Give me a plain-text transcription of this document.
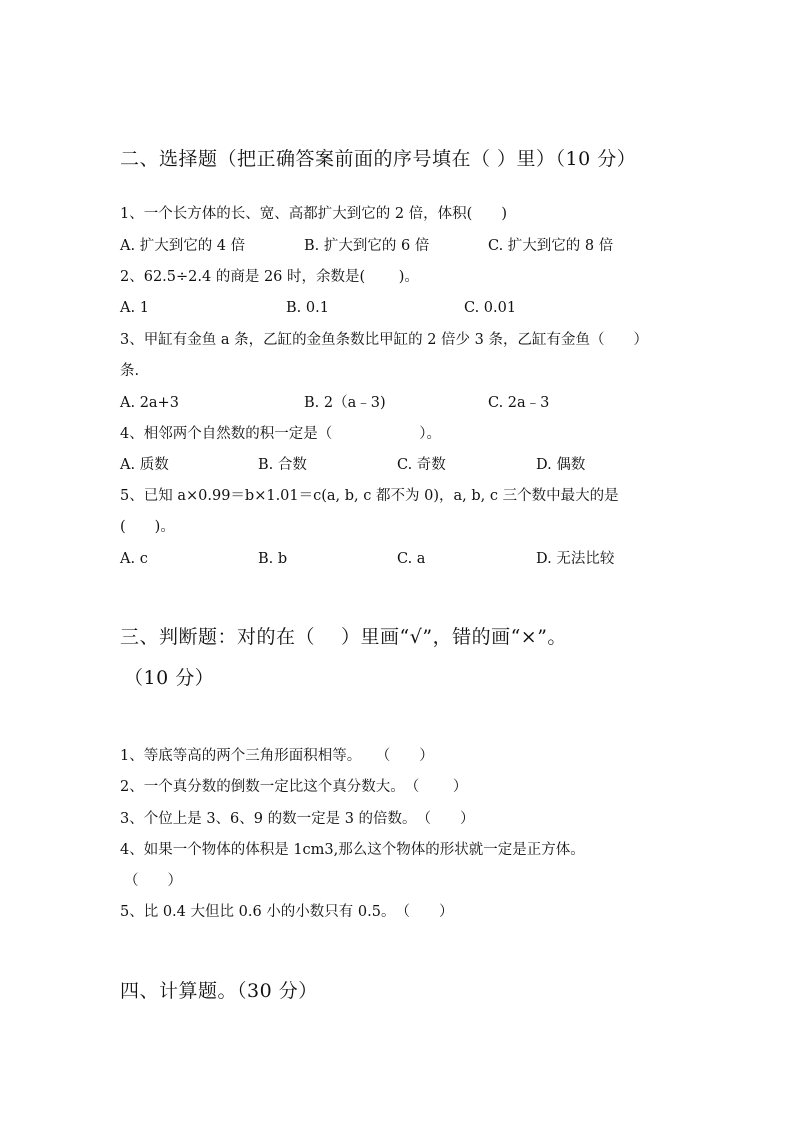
二、选择题（把正确答案前面的序号填在（ ）里）（10 分）
1、一个长方体的长、宽、高都扩大到它的 2 倍，体积(　　)
A. 扩大到它的 4 倍	B. 扩大到它的 6 倍	C. 扩大到它的 8 倍
2、62.5÷2.4 的商是 26 时，余数是(　　 )。
A. 1	B. 0.1	C. 0.01
3、甲缸有金鱼 a 条，乙缸的金鱼条数比甲缸的 2 倍少 3 条，乙缸有金鱼（　　）
条.
A. 2a+3	B. 2（a﹣3)	C. 2a﹣3
4、相邻两个自然数的积一定是（　　　　　　）。
A. 质数	B. 合数	C. 奇数	D. 偶数
5、已知 a×0.99＝b×1.01＝c(a, b, c 都不为 0)，a, b, c 三个数中最大的是
(　　)。
A. c	B. b	C. a	D. 无法比较
三、判断题：对的在（　 ）里画“√”，错的画“×”。
（10 分）
1、等底等高的两个三角形面积相等。　　（　　）
2、一个真分数的倒数一定比这个真分数大。　（　　 ）
3、个位上是 3、6、9 的数一定是 3 的倍数。　（　　）
4、如果一个物体的体积是 1cm3,那么这个物体的形状就一定是正方体。
（　　）
5、比 0.4 大但比 0.6 小的小数只有 0.5。　（　　）
四、计算题。（30 分）
